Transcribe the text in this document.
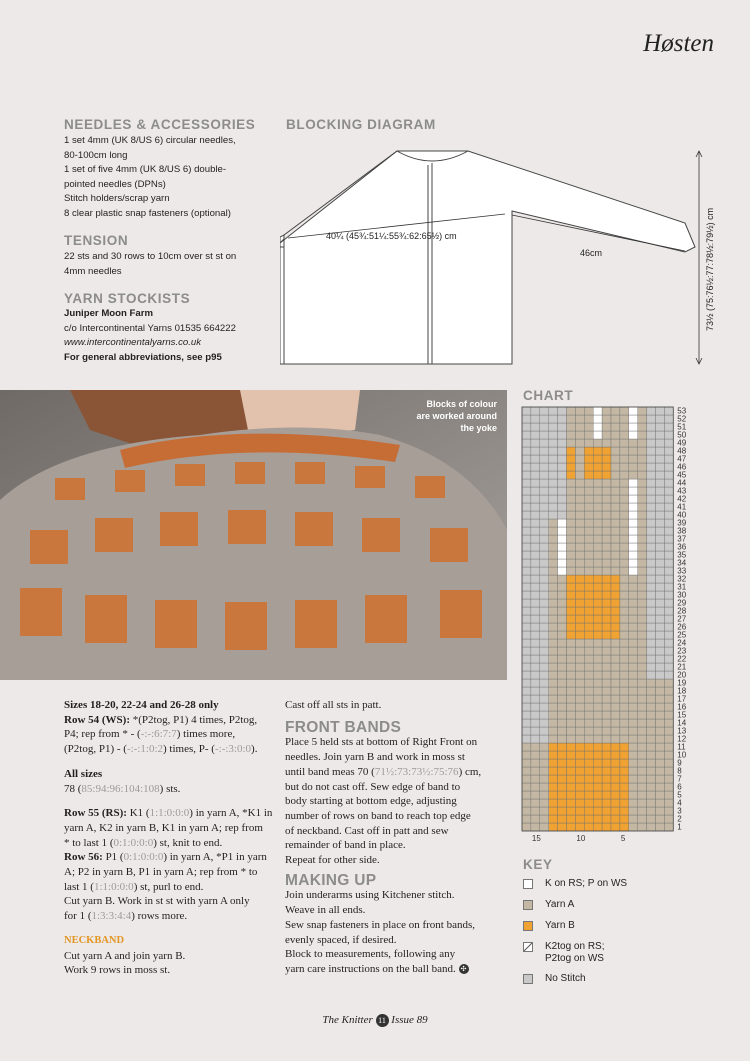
Høsten
NEEDLES & ACCESSORIES
1 set 4mm (UK 8/US 6) circular needles,
80-100cm long
1 set of five 4mm (UK 8/US 6) double-
pointed needles (DPNs)
Stitch holders/scrap yarn
8 clear plastic snap fasteners (optional)
TENSION
22 sts and 30 rows to 10cm over st st on
4mm needles
YARN STOCKISTS
Juniper Moon Farm
c/o Intercontinental Yarns 01535 664222
www.intercontinentalyarns.co.uk
For general abbreviations, see p95
BLOCKING DIAGRAM
40¼ (45¾:51¼:55¾:62:65½) cm
46cm	73½ (75:76½:77:78½:79½) cm
Blocks of colour
are worked around
the yoke
CHART
53
52
51
50
49
48
47
46
45
44
43
42
41
40
39
38
37
36
35
34
33
32
31
30
29
28
27
26
25
24
23
22
21
20
19
18
17
16
15
14
13
12
11
10
9
8
7
6
5
4
3
2
1
15	10	5
KEY
K on RS; P on WS
Yarn A
Yarn B
K2tog on RS;
P2tog on WS
No Stitch
Sizes 18-20, 22-24 and 26-28 only
Row 54 (WS): *(P2tog, P1) 4 times, P2tog,
P4; rep from * - (-:-:6:7:7) times more,
(P2tog, P1) - (-:-:1:0:2) times, P- (-:-:3:0:0).
All sizes
78 (85:94:96:104:108) sts.
Row 55 (RS): K1 (1:1:0:0:0) in yarn A, *K1 in
yarn A, K2 in yarn B, K1 in yarn A; rep from
* to last 1 (0:1:0:0:0) st, knit to end.
Row 56: P1 (0:1:0:0:0) in yarn A, *P1 in yarn
A; P2 in yarn B, P1 in yarn A; rep from * to
last 1 (1:1:0:0:0) st, purl to end.
Cut yarn B. Work in st st with yarn A only
for 1 (1:3:3:4:4) rows more.
NECKBAND
Cut yarn A and join yarn B.
Work 9 rows in moss st.
Cast off all sts in patt.
FRONT BANDS
Place 5 held sts at bottom of Right Front on
needles. Join yarn B and work in moss st
until band meas 70 (71½:73:73½:75:76) cm,
but do not cast off. Sew edge of band to
body starting at bottom edge, adjusting
number of rows on band to reach top edge
of neckband. Cast off in patt and sew
remainder of band in place.
Repeat for other side.
MAKING UP
Join underarms using Kitchener stitch.
Weave in all ends.
Sew snap fasteners in place on front bands,
evenly spaced, if desired.
Block to measurements, following any
yarn care instructions on the ball band. ✣
The Knitter 11 Issue 89
